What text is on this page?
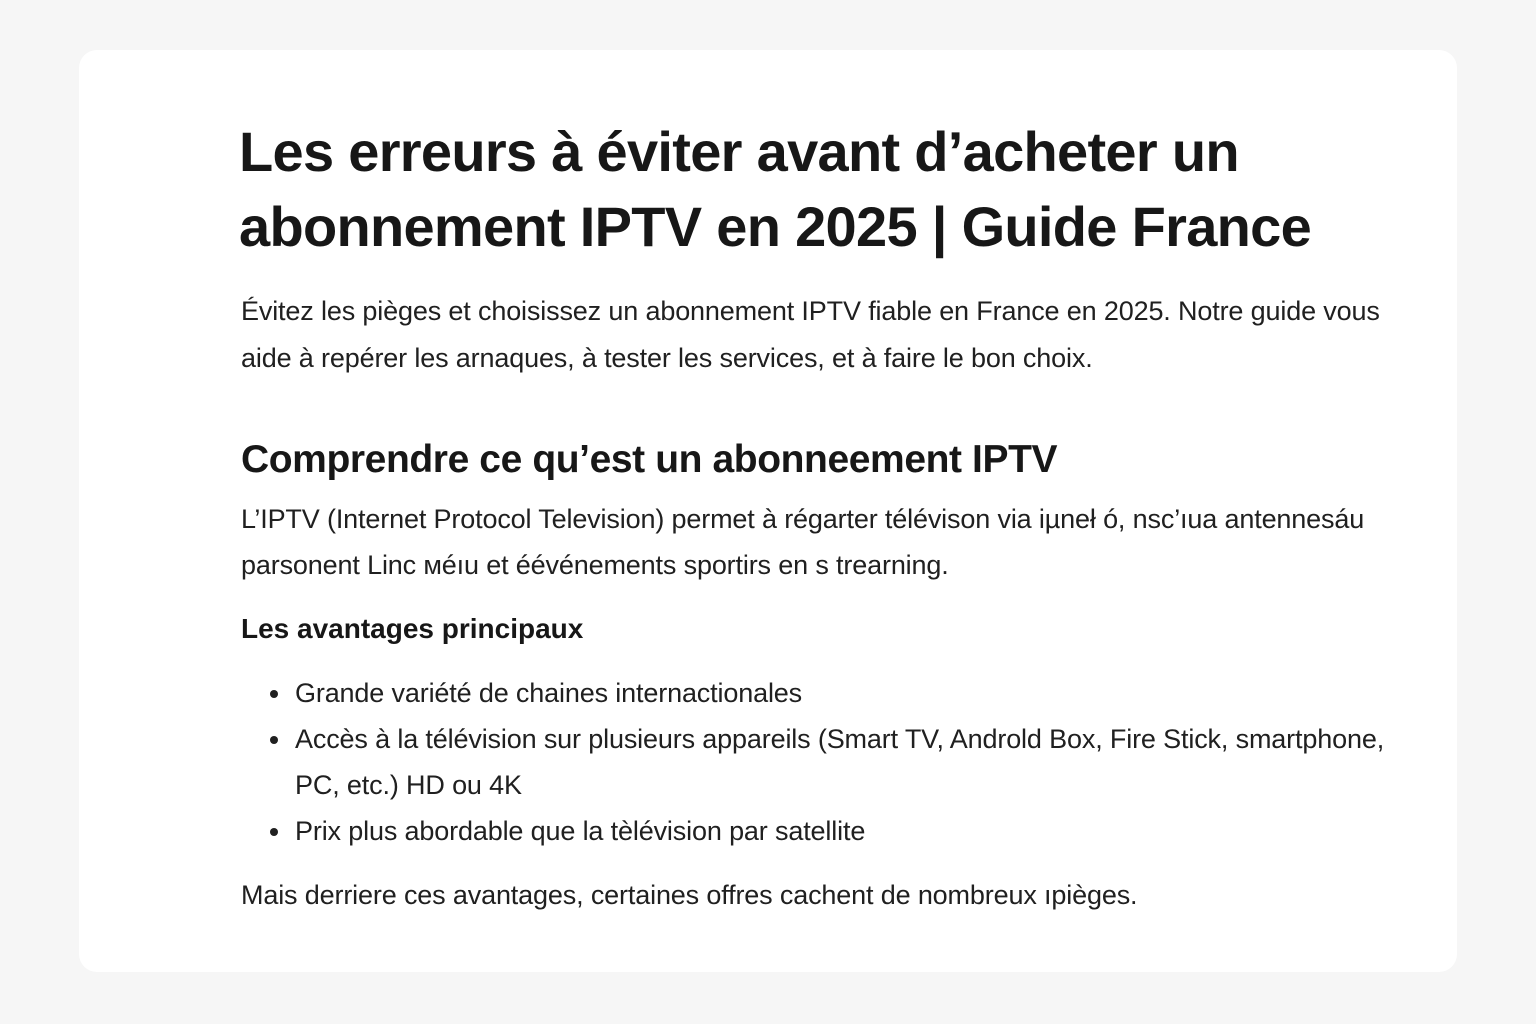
Les erreurs à éviter avant d’acheter un abonnement IPTV en 2025 | Guide France

Évitez les pièges et choisissez un abonnement IPTV fiable en France en 2025. Notre guide vous aide à repérer les arnaques, à tester les services, et à faire le bon choix.

Comprendre ce qu’est un abonneement IPTV

L’IPTV (Internet Protocol Television) permet à régarter télévison via iµneł ó, nsc’ıua antennesáu parsonent Linc мéıu et éévénements sportirs en s trearning.

Les avantages principaux
• Grande variété de chaines internactionales
• Accès à la télévision sur plusieurs appareils (Smart TV, Androld Box, Fire Stick, smartphone, PC, etc.) HD ou 4K
• Prix plus abordable que la tèlévision par satellite

Mais derriere ces avantages, certaines offres cachent de nombreux ıpièges.
